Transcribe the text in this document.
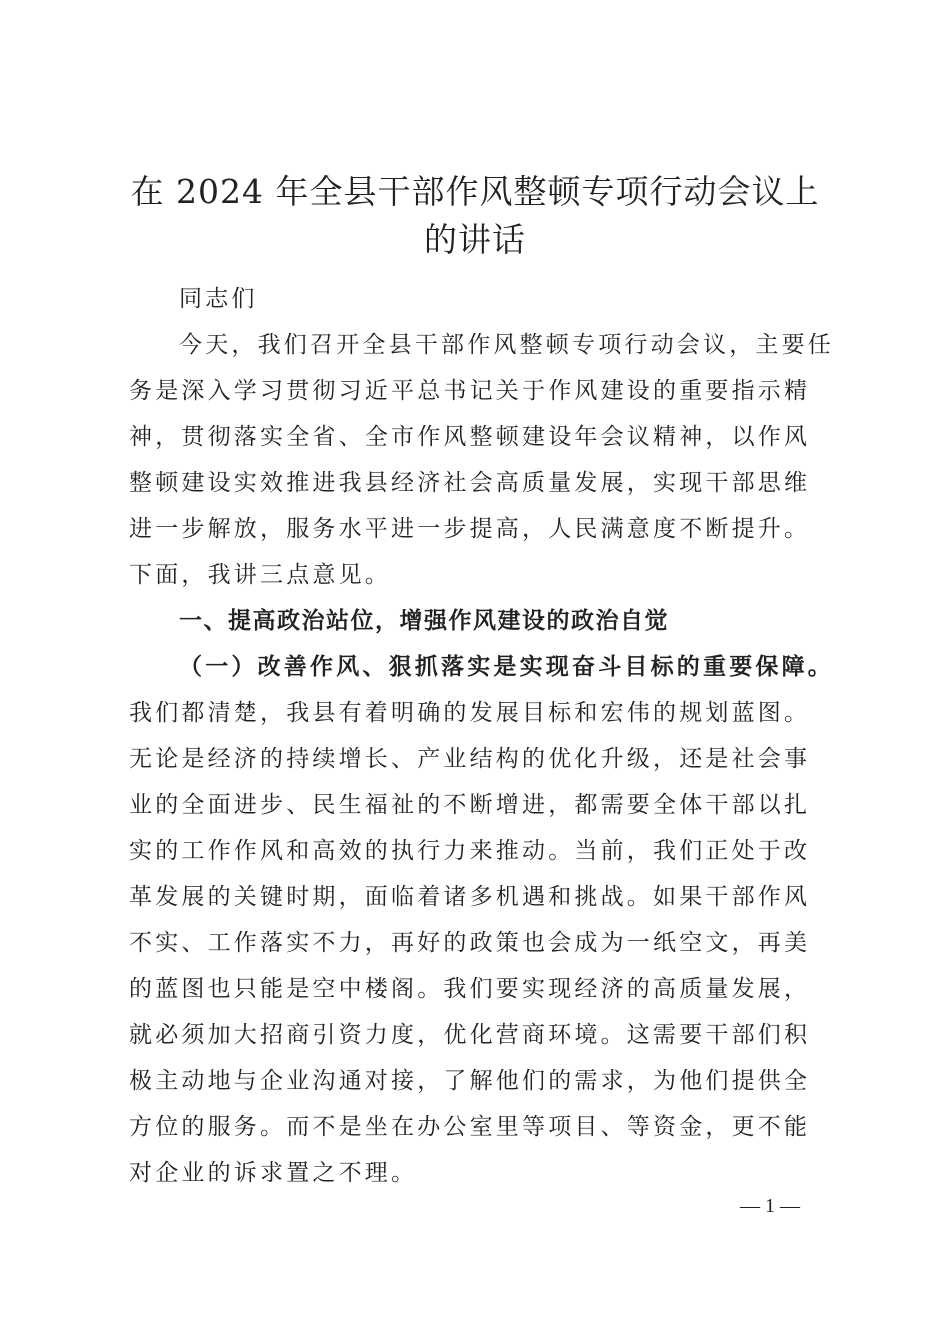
在 2024 年全县干部作风整顿专项行动会议上
的讲话

同志们

今天，我们召开全县干部作风整顿专项行动会议，主要任务是深入学习贯彻习近平总书记关于作风建设的重要指示精神，贯彻落实全省、全市作风整顿建设年会议精神，以作风整顿建设实效推进我县经济社会高质量发展，实现干部思维进一步解放，服务水平进一步提高，人民满意度不断提升。下面，我讲三点意见。

一、提高政治站位，增强作风建设的政治自觉

（一）改善作风、狠抓落实是实现奋斗目标的重要保障。我们都清楚，我县有着明确的发展目标和宏伟的规划蓝图。无论是经济的持续增长、产业结构的优化升级，还是社会事业的全面进步、民生福祉的不断增进，都需要全体干部以扎实的工作作风和高效的执行力来推动。当前，我们正处于改革发展的关键时期，面临着诸多机遇和挑战。如果干部作风不实、工作落实不力，再好的政策也会成为一纸空文，再美的蓝图也只能是空中楼阁。我们要实现经济的高质量发展，就必须加大招商引资力度，优化营商环境。这需要干部们积极主动地与企业沟通对接，了解他们的需求，为他们提供全方位的服务。而不是坐在办公室里等项目、等资金，更不能对企业的诉求置之不理。

— 1 —
